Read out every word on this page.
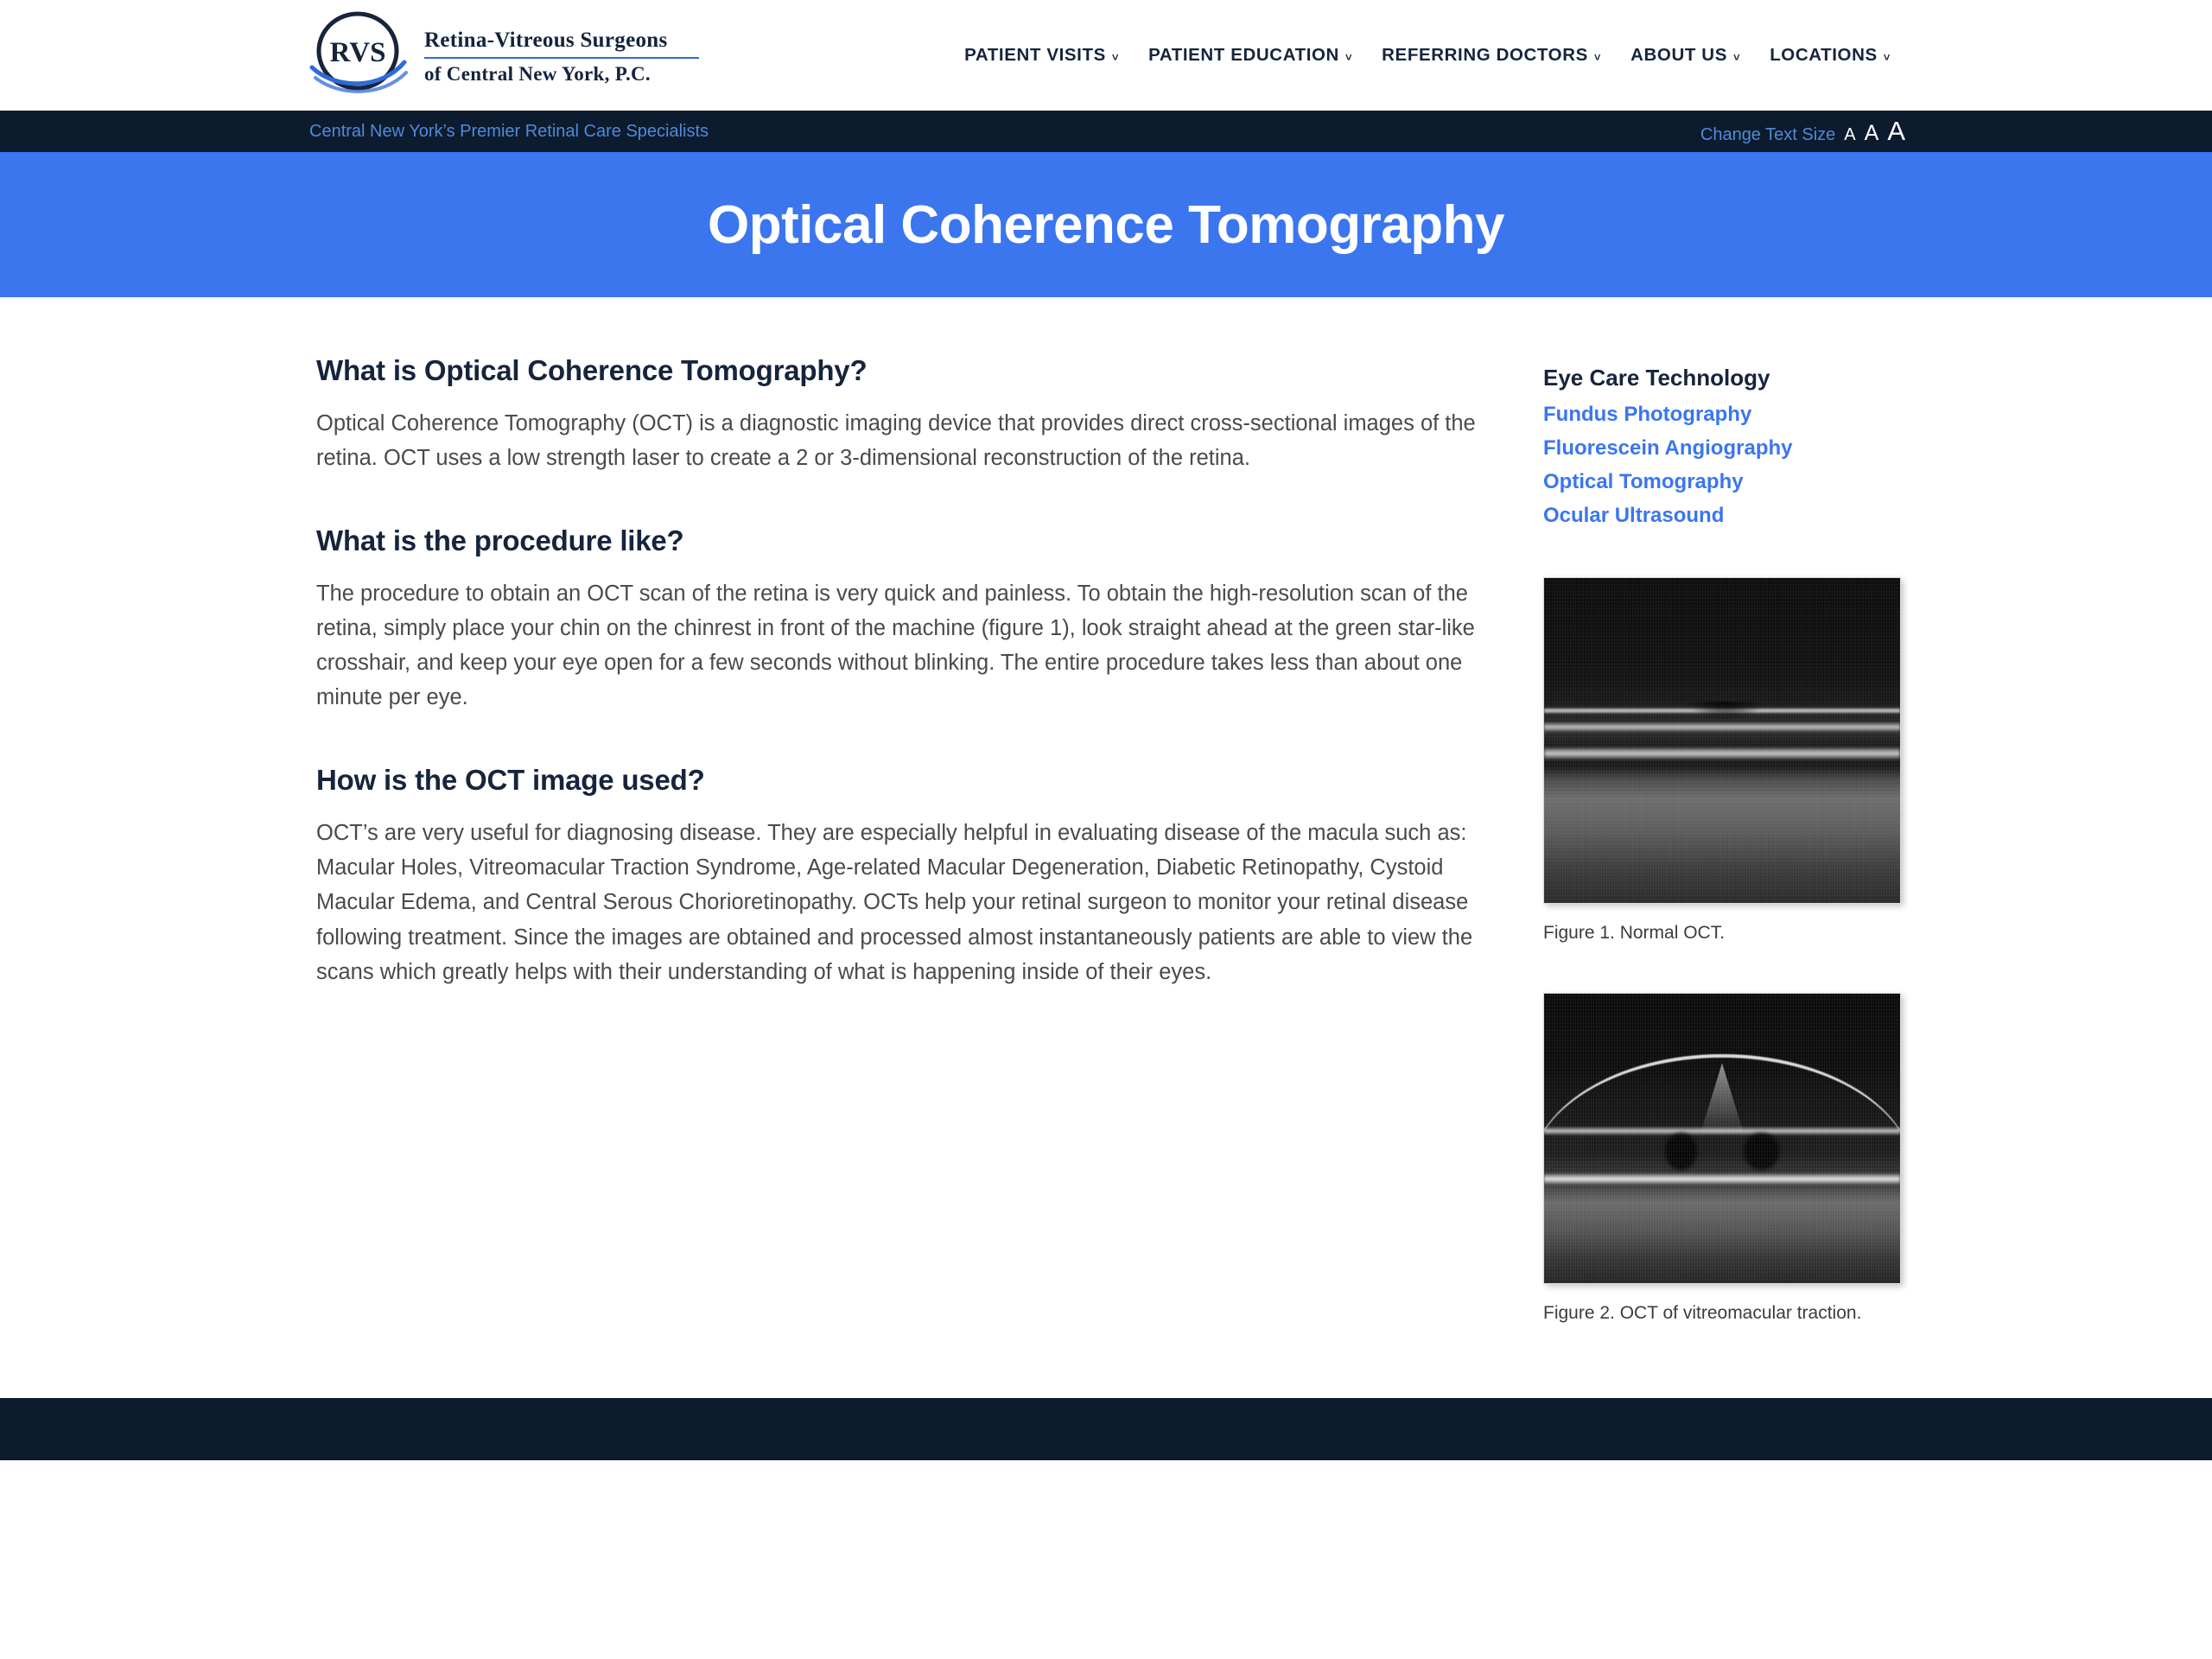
RVS Retina-Vitreous Surgeons
of Central New York, P.C.
PATIENT VISITS ˅ PATIENT EDUCATION ˅ REFERRING DOCTORS ˅ ABOUT US ˅ LOCATIONS ˅
Central New York’s Premier Retinal Care Specialists	Change Text Size A A A
Optical Coherence Tomography
What is Optical Coherence Tomography?

Optical Coherence Tomography (OCT) is a diagnostic imaging device that provides direct cross-sectional images of the retina. OCT uses a low strength laser to create a 2 or 3-dimensional reconstruction of the retina.

What is the procedure like?

The procedure to obtain an OCT scan of the retina is very quick and painless. To obtain the high-resolution scan of the retina, simply place your chin on the chinrest in front of the machine (figure 1), look straight ahead at the green star-like crosshair, and keep your eye open for a few seconds without blinking. The entire procedure takes less than about one minute per eye.

How is the OCT image used?

OCT’s are very useful for diagnosing disease. They are especially helpful in evaluating disease of the macula such as: Macular Holes, Vitreomacular Traction Syndrome, Age-related Macular Degeneration, Diabetic Retinopathy, Cystoid Macular Edema, and Central Serous Chorioretinopathy. OCTs help your retinal surgeon to monitor your retinal disease following treatment. Since the images are obtained and processed almost instantaneously patients are able to view the scans which greatly helps with their understanding of what is happening inside of their eyes.

Eye Care Technology
Fundus Photography
Fluorescein Angiography
Optical Tomography
Ocular Ultrasound
Figure 1. Normal OCT.
Figure 2. OCT of vitreomacular traction.
